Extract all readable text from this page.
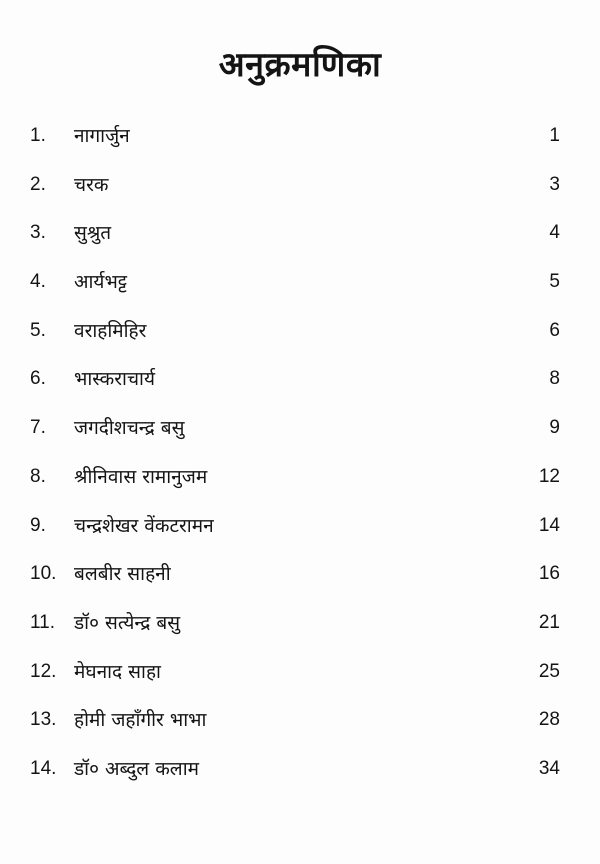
अनुक्रमणिका
1. नागार्जुन	1
2. चरक	3
3. सुश्रुत	4
4. आर्यभट्ट	5
5. वराहमिहिर	6
6. भास्कराचार्य	8
7. जगदीशचन्द्र बसु	9
8. श्रीनिवास रामानुजम	12
9. चन्द्रशेखर वेंकटरामन	14
10. बलबीर साहनी	16
11. डॉ० सत्येन्द्र बसु	21
12. मेघनाद साहा	25
13. होमी जहाँगीर भाभा	28
14. डॉ० अब्दुल कलाम	34
